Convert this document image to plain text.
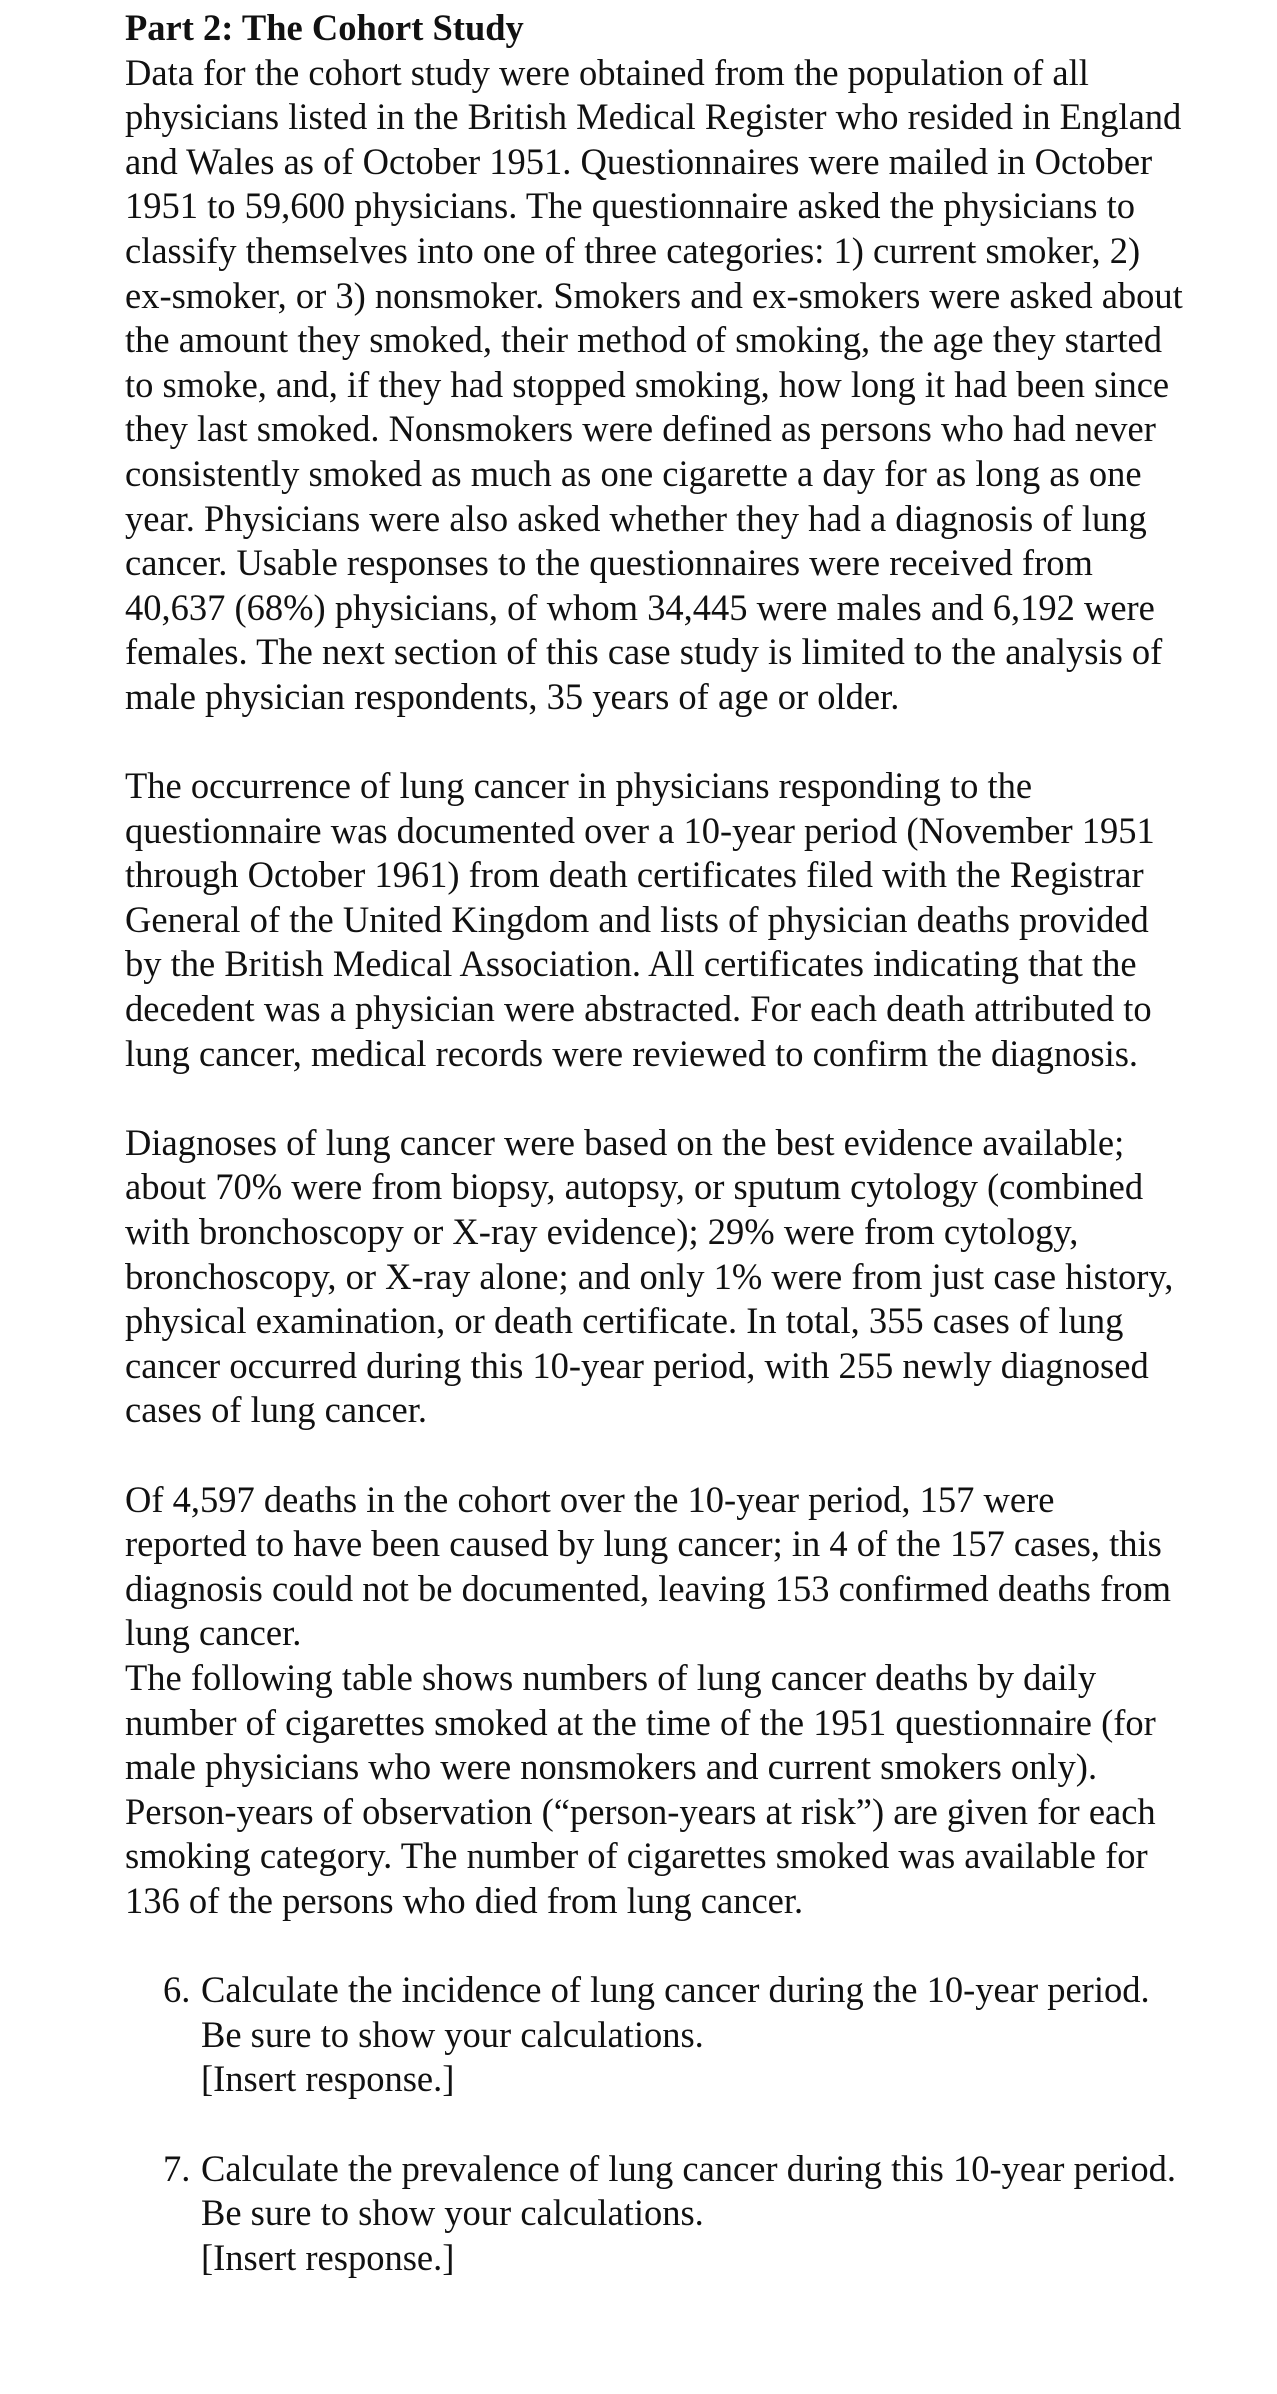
Part 2: The Cohort Study

Data for the cohort study were obtained from the population of all physicians listed in the British Medical Register who resided in England and Wales as of October 1951. Questionnaires were mailed in October 1951 to 59,600 physicians. The questionnaire asked the physicians to classify themselves into one of three categories: 1) current smoker, 2) ex-smoker, or 3) nonsmoker. Smokers and ex-smokers were asked about the amount they smoked, their method of smoking, the age they started to smoke, and, if they had stopped smoking, how long it had been since they last smoked. Nonsmokers were defined as persons who had never consistently smoked as much as one cigarette a day for as long as one year. Physicians were also asked whether they had a diagnosis of lung cancer. Usable responses to the questionnaires were received from 40,637 (68%) physicians, of whom 34,445 were males and 6,192 were females. The next section of this case study is limited to the analysis of male physician respondents, 35 years of age or older.

The occurrence of lung cancer in physicians responding to the questionnaire was documented over a 10-year period (November 1951 through October 1961) from death certificates filed with the Registrar General of the United Kingdom and lists of physician deaths provided by the British Medical Association. All certificates indicating that the decedent was a physician were abstracted. For each death attributed to lung cancer, medical records were reviewed to confirm the diagnosis.

Diagnoses of lung cancer were based on the best evidence available; about 70% were from biopsy, autopsy, or sputum cytology (combined with bronchoscopy or X-ray evidence); 29% were from cytology, bronchoscopy, or X-ray alone; and only 1% were from just case history, physical examination, or death certificate. In total, 355 cases of lung cancer occurred during this 10-year period, with 255 newly diagnosed cases of lung cancer.

Of 4,597 deaths in the cohort over the 10-year period, 157 were reported to have been caused by lung cancer; in 4 of the 157 cases, this diagnosis could not be documented, leaving 153 confirmed deaths from lung cancer.

The following table shows numbers of lung cancer deaths by daily number of cigarettes smoked at the time of the 1951 questionnaire (for male physicians who were nonsmokers and current smokers only). Person-years of observation (“person-years at risk”) are given for each smoking category. The number of cigarettes smoked was available for 136 of the persons who died from lung cancer.

6. Calculate the incidence of lung cancer during the 10-year period. Be sure to show your calculations.
[Insert response.]
7. Calculate the prevalence of lung cancer during this 10-year period. Be sure to show your calculations.
[Insert response.]
